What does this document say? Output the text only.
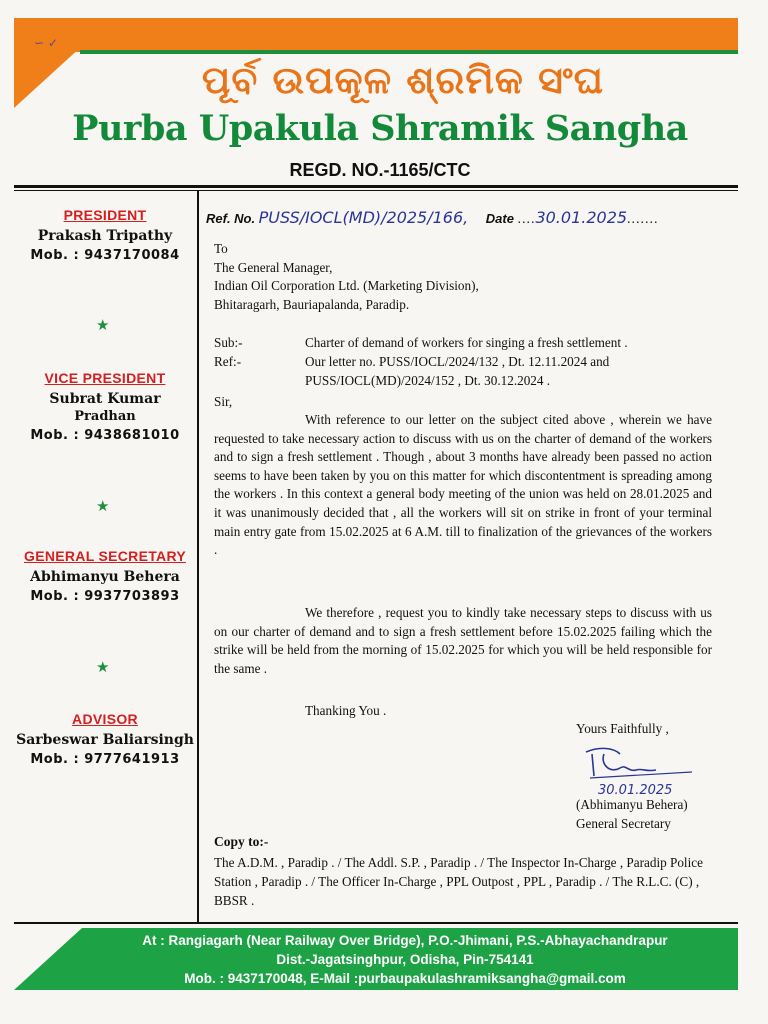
∽ ✓
ପୂର୍ବ ଉପକୂଳ ଶ୍ରମିକ ସଂଘ
Purba Upakula Shramik Sangha
REGD. NO.-1165/CTC
PRESIDENT
Prakash Tripathy
Mob. : 9437170084
★
VICE PRESIDENT
Subrat Kumar
Pradhan
Mob. : 9438681010
★
GENERAL SECRETARY
Abhimanyu Behera
Mob. : 9937703893
★
ADVISOR
Sarbeswar Baliarsingh
Mob. : 9777641913
Ref. No. PUSS/IOCL(MD)/2025/166, Date ....30.01.2025.......
To
The General Manager,
Indian Oil Corporation Ltd. (Marketing Division),
Bhitaragarh, Bauriapalanda, Paradip.
Sub:-	Charter of demand of workers for singing a fresh settlement .
Ref:-	Our letter no. PUSS/IOCL/2024/132 , Dt. 12.11.2024 and
PUSS/IOCL(MD)/2024/152 , Dt. 30.12.2024 .
Sir,
With reference to our letter on the subject cited above , wherein we have requested to take necessary action to discuss with us on the charter of demand of the workers and to sign a fresh settlement . Though , about 3 months have already been passed no action seems to have been taken by you on this matter for which discontentment is spreading among the workers . In this context a general body meeting of the union was held on 28.01.2025 and it was unanimously decided that , all the workers will sit on strike in front of your terminal main entry gate from 15.02.2025 at 6 A.M. till to finalization of the grievances of the workers .
We therefore , request you to kindly take necessary steps to discuss with us on our charter of demand and to sign a fresh settlement before 15.02.2025 failing which the strike will be held from the morning of 15.02.2025 for which you will be held responsible for the same .
Thanking You .
Yours Faithfully ,
30.01.2025
(Abhimanyu Behera)
General Secretary
Copy to:-
The A.D.M. , Paradip . / The Addl. S.P. , Paradip . / The Inspector In-Charge , Paradip Police Station , Paradip . / The Officer In-Charge , PPL Outpost , PPL , Paradip . / The R.L.C. (C) , BBSR .
At : Rangiagarh (Near Railway Over Bridge), P.O.-Jhimani, P.S.-Abhayachandrapur
Dist.-Jagatsinghpur, Odisha, Pin-754141
Mob. : 9437170048, E-Mail :purbaupakulashramiksangha@gmail.com
